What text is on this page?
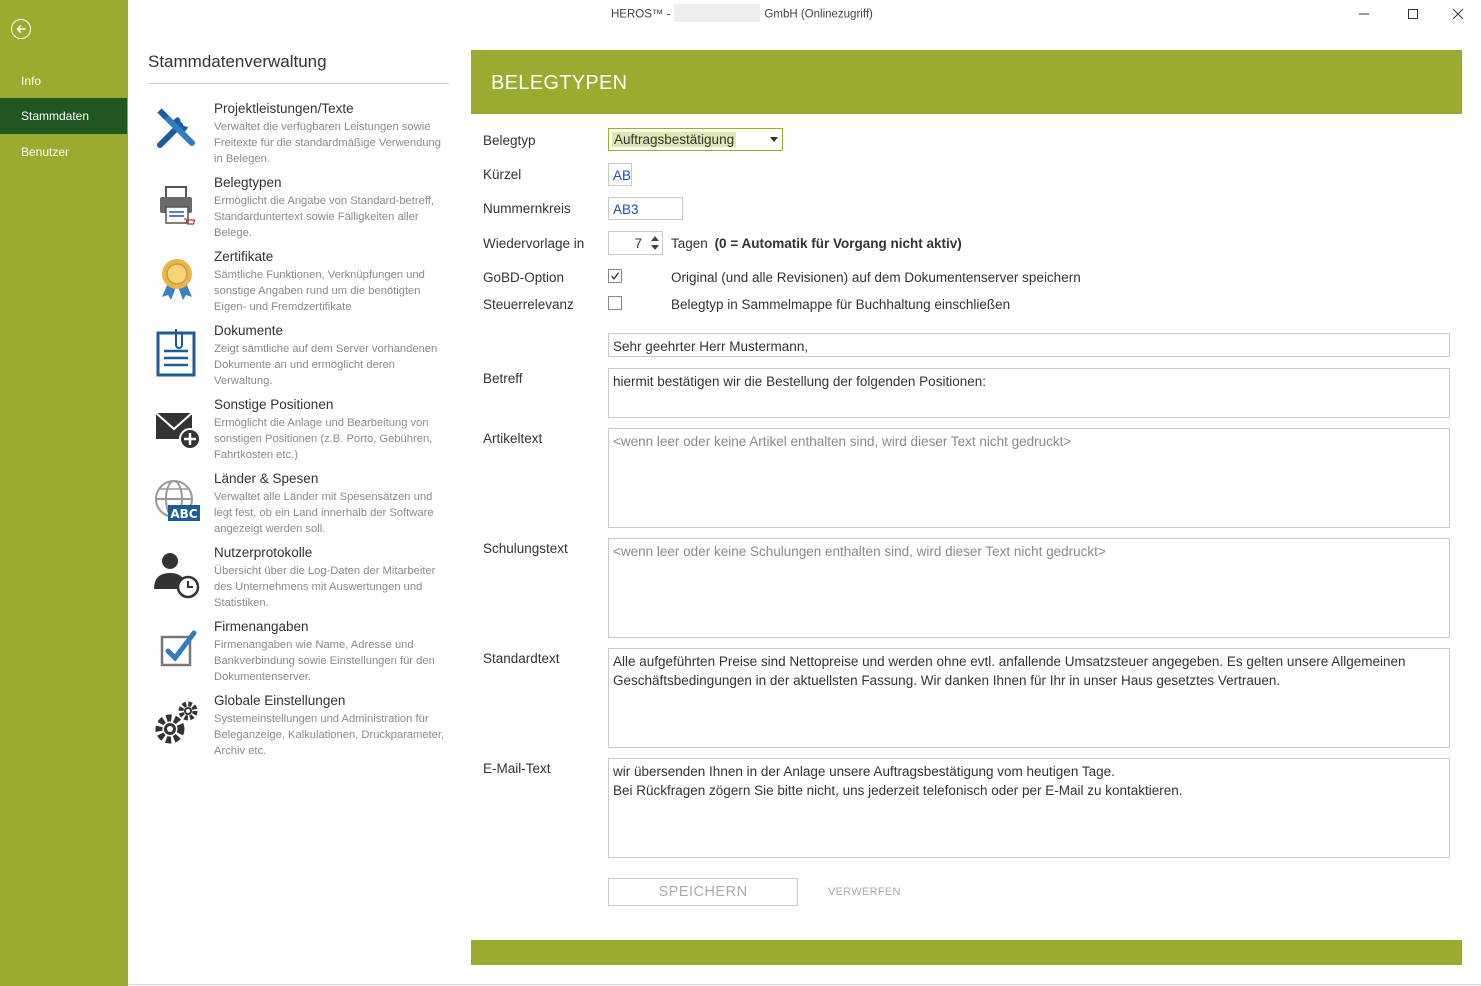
Info
Stammdaten
Benutzer
HEROS™ -	GmbH (Onlinezugriff)
Stammdatenverwaltung
Projektleistungen/Texte
Verwaltet die verfügbaren Leistungen sowie Freitexte für die standardmäßige Verwendung in Belegen.
Belegtypen
Ermöglicht die Angabe von Standard-betreff, Standarduntertext sowie Fälligkeiten aller Belege.
Zertifikate
Sämtliche Funktionen, Verknüpfungen und sonstige Angaben rund um die benötigten Eigen- und Fremdzertifikate
Dokumente
Zeigt sämtliche auf dem Server vorhandenen Dokumente an und ermöglicht deren Verwaltung.
Sonstige Positionen
Ermöglicht die Anlage und Bearbeitung von sonstigen Positionen (z.B. Porto, Gebühren, Fahrtkosten etc.)
ABC
Länder & Spesen
Verwaltet alle Länder mit Spesensätzen und legt fest, ob ein Land innerhalb der Software angezeigt werden soll.
Nutzerprotokolle
Übersicht über die Log-Daten der Mitarbeiter des Unternehmens mit Auswertungen und Statistiken.
Firmenangaben
Firmenangaben wie Name, Adresse und Bankverbindung sowie Einstellungen für den Dokumentenserver.
Globale Einstellungen
Systemeinstellungen und Administration für Beleganzeige, Kalkulationen, Druckparameter, Archiv etc.
BELEGTYPEN
Belegtyp	Auftragsbestätigung
Kürzel	AB
Nummernkreis	AB3
Wiedervorlage in	7 Tagen (0 = Automatik für Vorgang nicht aktiv)
GoBD-Option	Original (und alle Revisionen) auf dem Dokumentenserver speichern
Steuerrelevanz	Belegtyp in Sammelmappe für Buchhaltung einschließen
Sehr geehrter Herr Mustermann,
Betreff	hiermit bestätigen wir die Bestellung der folgenden Positionen:
Artikeltext	<wenn leer oder keine Artikel enthalten sind, wird dieser Text nicht gedruckt>
Schulungstext	<wenn leer oder keine Schulungen enthalten sind, wird dieser Text nicht gedruckt>
Standardtext	Alle aufgeführten Preise sind Nettopreise und werden ohne evtl. anfallende Umsatzsteuer angegeben. Es gelten unsere Allgemeinen Geschäftsbedingungen in der aktuellsten Fassung. Wir danken Ihnen für Ihr in unser Haus gesetztes Vertrauen.
E-Mail-Text	wir übersenden Ihnen in der Anlage unsere Auftragsbestätigung vom heutigen Tage.
Bei Rückfragen zögern Sie bitte nicht, uns jederzeit telefonisch oder per E-Mail zu kontaktieren.
SPEICHERN	VERWERFEN
